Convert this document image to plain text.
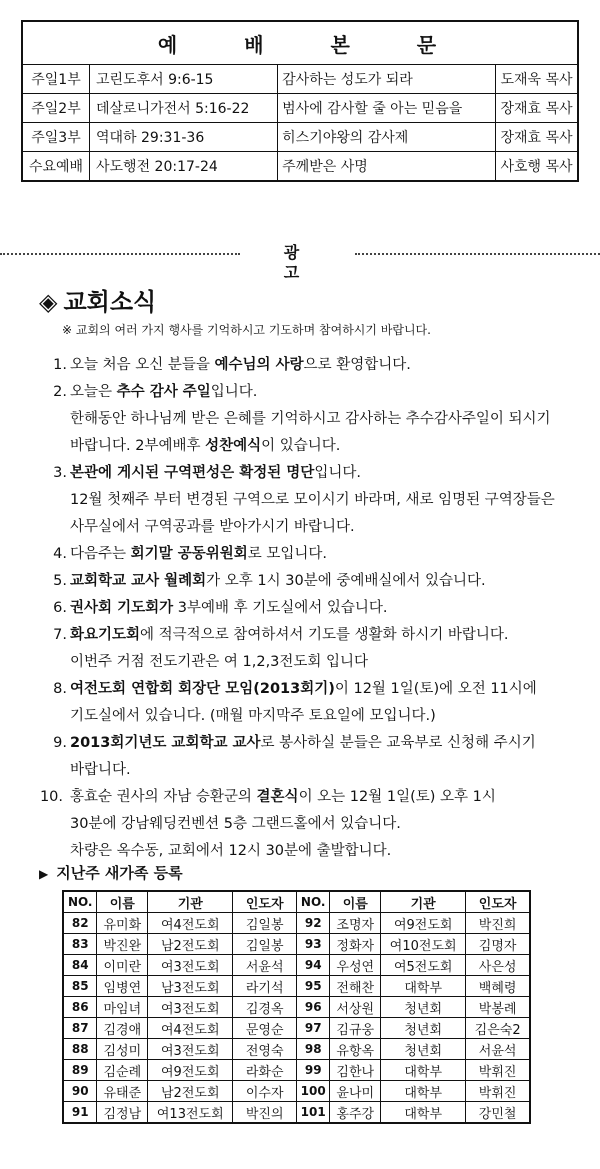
예 배 본 문			
주일1부	고린도후서 9:6-15	감사하는 성도가 되라	도재욱 목사
주일2부	데살로니가전서 5:16-22	범사에 감사할 줄 아는 믿음을	장재효 목사
주일3부	역대하 29:31-36	히스기야왕의 감사제	장재효 목사
수요예배	사도행전 20:17-24	주께받은 사명	사호행 목사
광 고
◈ 교회소식
※ 교회의 여러 가지 행사를 기억하시고 기도하며 참여하시기 바랍니다.
1. 오늘 처음 오신 분들을 예수님의 사랑으로 환영합니다.
2. 오늘은 추수 감사 주일입니다.
한해동안 하나님께 받은 은혜를 기억하시고 감사하는 추수감사주일이 되시기
바랍니다. 2부예배후 성찬예식이 있습니다.
3. 본관에 게시된 구역편성은 확정된 명단입니다.
12월 첫째주 부터 변경된 구역으로 모이시기 바라며, 새로 임명된 구역장들은
사무실에서 구역공과를 받아가시기 바랍니다.
4. 다음주는 회기말 공동위원회로 모입니다.
5. 교회학교 교사 월례회가 오후 1시 30분에 중예배실에서 있습니다.
6. 권사회 기도회가 3부예배 후 기도실에서 있습니다.
7. 화요기도회에 적극적으로 참여하셔서 기도를 생활화 하시기 바랍니다.
이번주 거점 전도기관은 여 1,2,3전도회 입니다
8. 여전도회 연합회 회장단 모임(2013회기)이 12월 1일(토)에 오전 11시에
기도실에서 있습니다. (매월 마지막주 토요일에 모입니다.)
9. 2013회기년도 교회학교 교사로 봉사하실 분들은 교육부로 신청해 주시기
바랍니다.
10. 홍효순 권사의 자남 승환군의 결혼식이 오는 12월 1일(토) 오후 1시
30분에 강남웨딩컨벤션 5층 그랜드홀에서 있습니다.
차량은 옥수동, 교회에서 12시 30분에 출발합니다.
▶ 지난주 새가족 등록
NO.	이름	기관	인도자	NO.	이름	기관	인도자
82	유미화	여4전도회	김일봉	92	조명자	여9전도회	박진희
83	박진완	남2전도회	김일봉	93	정화자	여10전도회	김명자
84	이미란	여3전도회	서윤석	94	우성연	여5전도회	사은성
85	임병연	남3전도회	라기석	95	전해찬	대학부	백혜령
86	마임녀	여3전도회	김경옥	96	서상원	청년회	박봉례
87	김경애	여4전도회	문영순	97	김규웅	청년회	김은숙2
88	김성미	여3전도회	전영숙	98	유항옥	청년회	서윤석
89	김순례	여9전도회	라화순	99	김한나	대학부	박휘진
90	유태준	남2전도회	이수자	100	윤나미	대학부	박휘진
91	김정남	여13전도회	박진의	101	홍주강	대학부	강민철
